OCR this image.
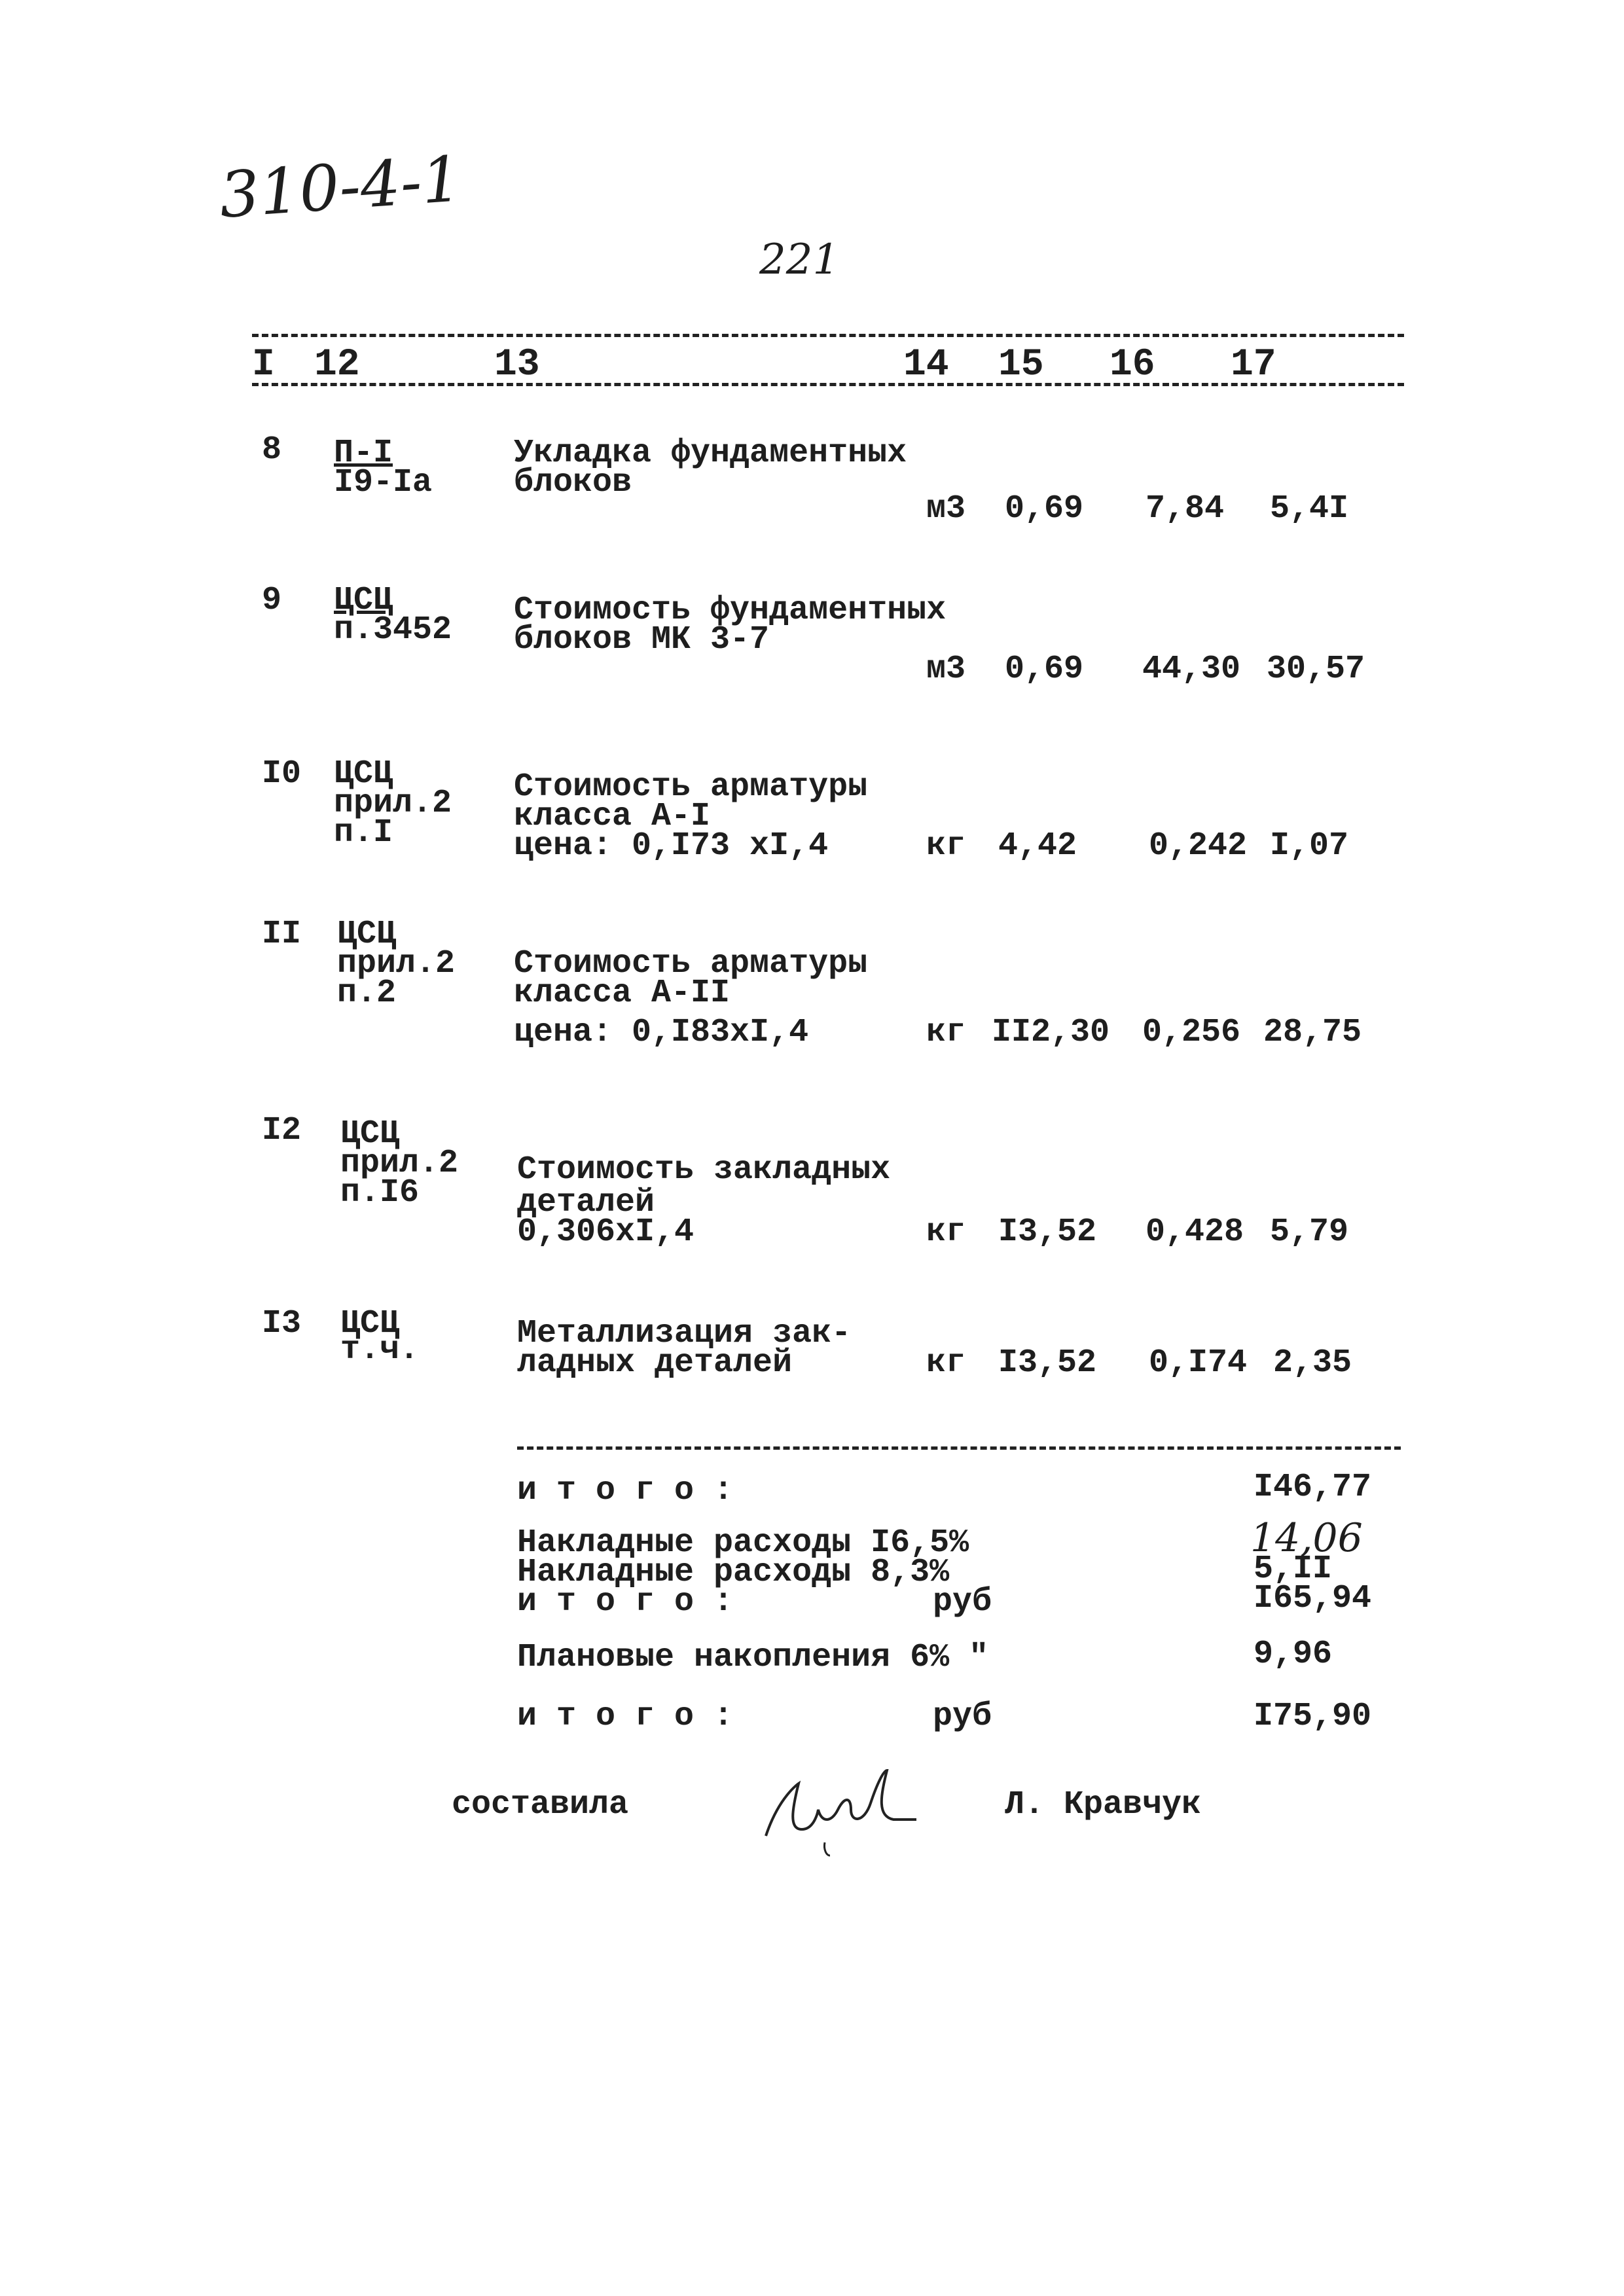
310-4-1
221
I 12	13	14 15 16 17
8 П-I
I9-Iа
Укладка фундаментных
блоков
м3 0,69 7,84 5,4I
9 ЦСЦ
п.3452
Стоимость фундаментных
блоков МК 3-7
м3 0,69 44,30 30,57
I0 ЦСЦ
прил.2
п.I
Стоимость арматуры
класса А-I
цена: 0,I73 хI,4	кг 4,42 0,242 I,07
II ЦСЦ
прил.2
п.2
Стоимость арматуры
класса А-II
цена: 0,I83хI,4	кг II2,30 0,256 28,75
I2 ЦСЦ
прил.2
п.I6
Стоимость закладных
деталей
0,306хI,4	кг I3,52 0,428 5,79
I3 ЦСЦ
т.ч.	Металлизация зак-
ладных деталей	кг I3,52 0,I74 2,35
и т о г о :	I46,77
Накладные расходы I6,5%	14,06
Накладные расходы 8,3%	5,II
и т о г о :	руб	I65,94
Плановые накопления 6% "	9,96
и т о г о :	руб	I75,90
составила	Л. Кравчук
